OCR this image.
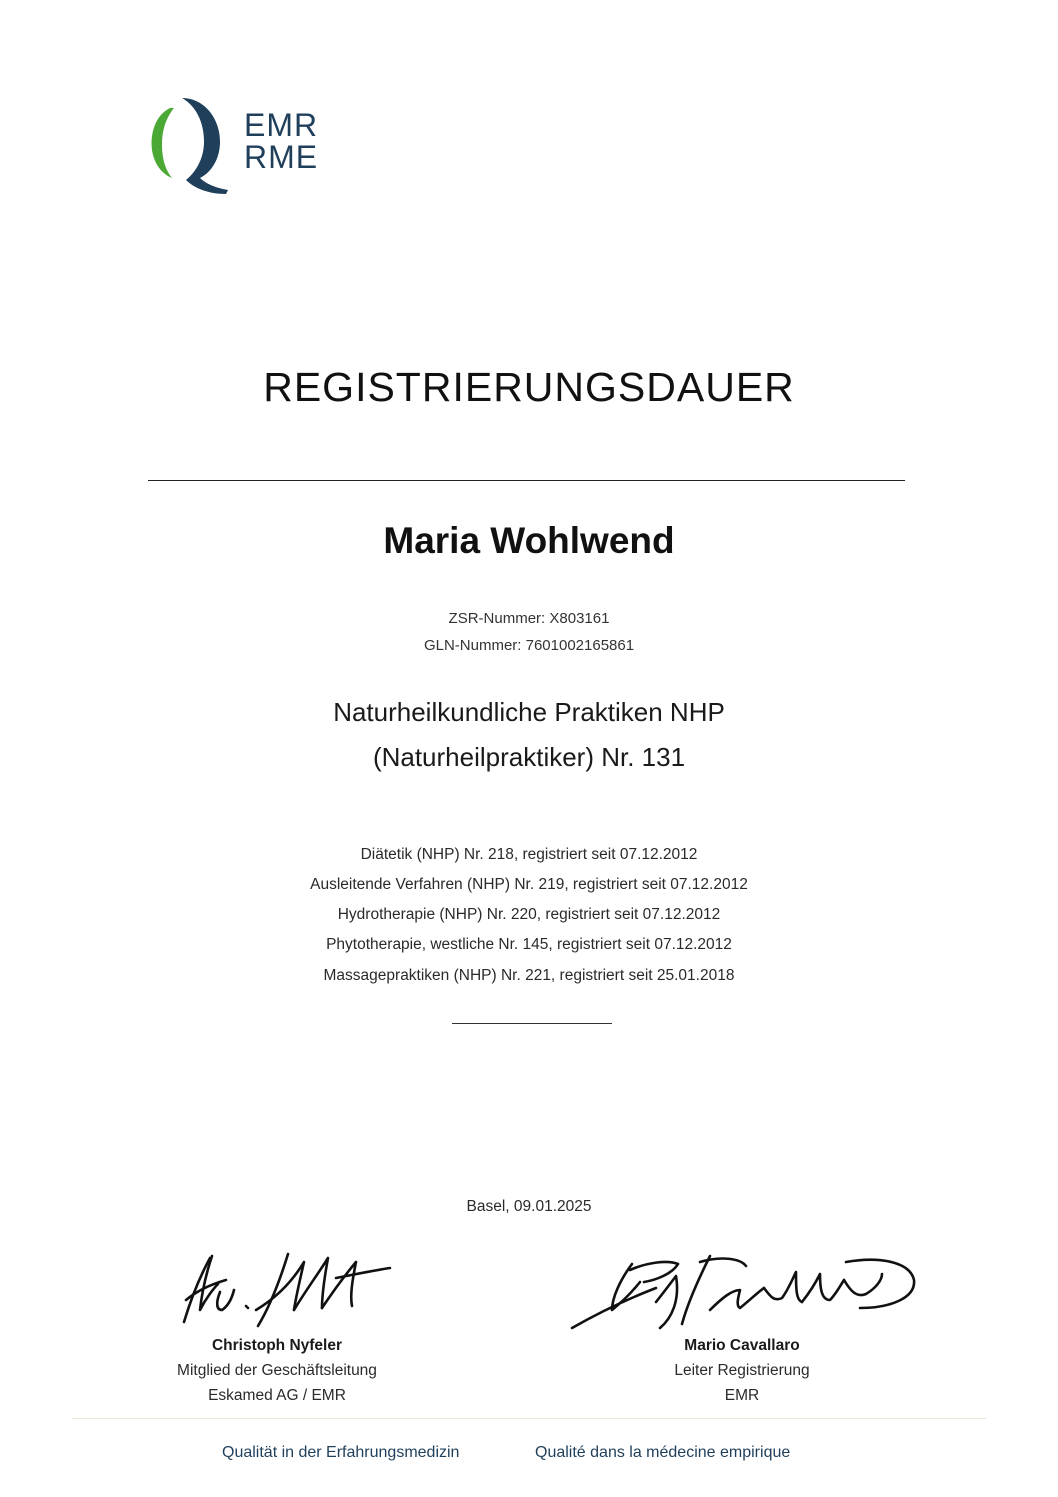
EMR
RME
REGISTRIERUNGSDAUER
Maria Wohlwend
ZSR-Nummer: X803161
GLN-Nummer: 7601002165861
Naturheilkundliche Praktiken NHP
(Naturheilpraktiker) Nr. 131
Diätetik (NHP) Nr. 218, registriert seit 07.12.2012
Ausleitende Verfahren (NHP) Nr. 219, registriert seit 07.12.2012
Hydrotherapie (NHP) Nr. 220, registriert seit 07.12.2012
Phytotherapie, westliche Nr. 145, registriert seit 07.12.2012
Massagepraktiken (NHP) Nr. 221, registriert seit 25.01.2018
Basel, 09.01.2025
Christoph Nyfeler
Mitglied der Geschäftsleitung
Eskamed AG / EMR
Mario Cavallaro
Leiter Registrierung
EMR
Qualität in der Erfahrungsmedizin	Qualité dans la médecine empirique
